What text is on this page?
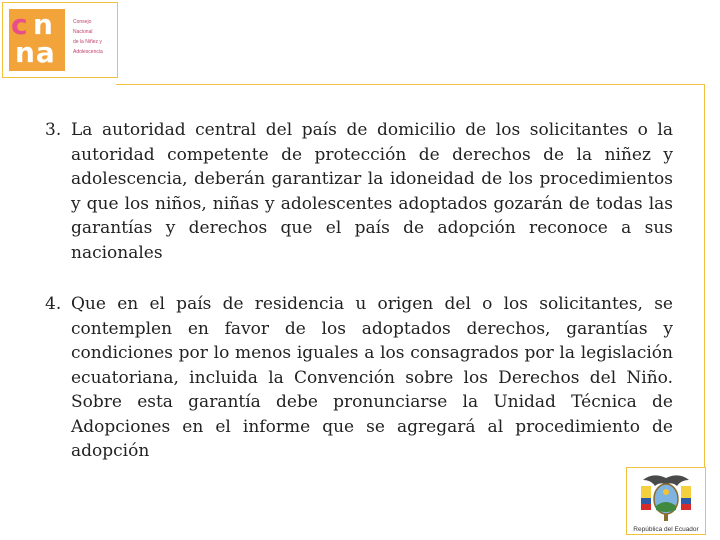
c n
na
Consejo
Nacional
de la Niñez y
Adolescencia
3. La autoridad central del país de domicilio de los solicitantes o la autoridad competente de protección de derechos de la niñez y adolescencia, deberán garantizar la idoneidad de los procedimientos y que los niños, niñas y adolescentes adoptados gozarán de todas las garantías y derechos que el país de adopción reconoce a sus nacionales
4. Que en el país de residencia u origen del o los solicitantes, se contemplen en favor de los adoptados derechos, garantías y condiciones por lo menos iguales a los consagrados por la legislación ecuatoriana, incluida la Convención sobre los Derechos del Niño. Sobre esta garantía debe pronunciarse la Unidad Técnica de Adopciones en el informe que se agregará al procedimiento de adopción
República del Ecuador
